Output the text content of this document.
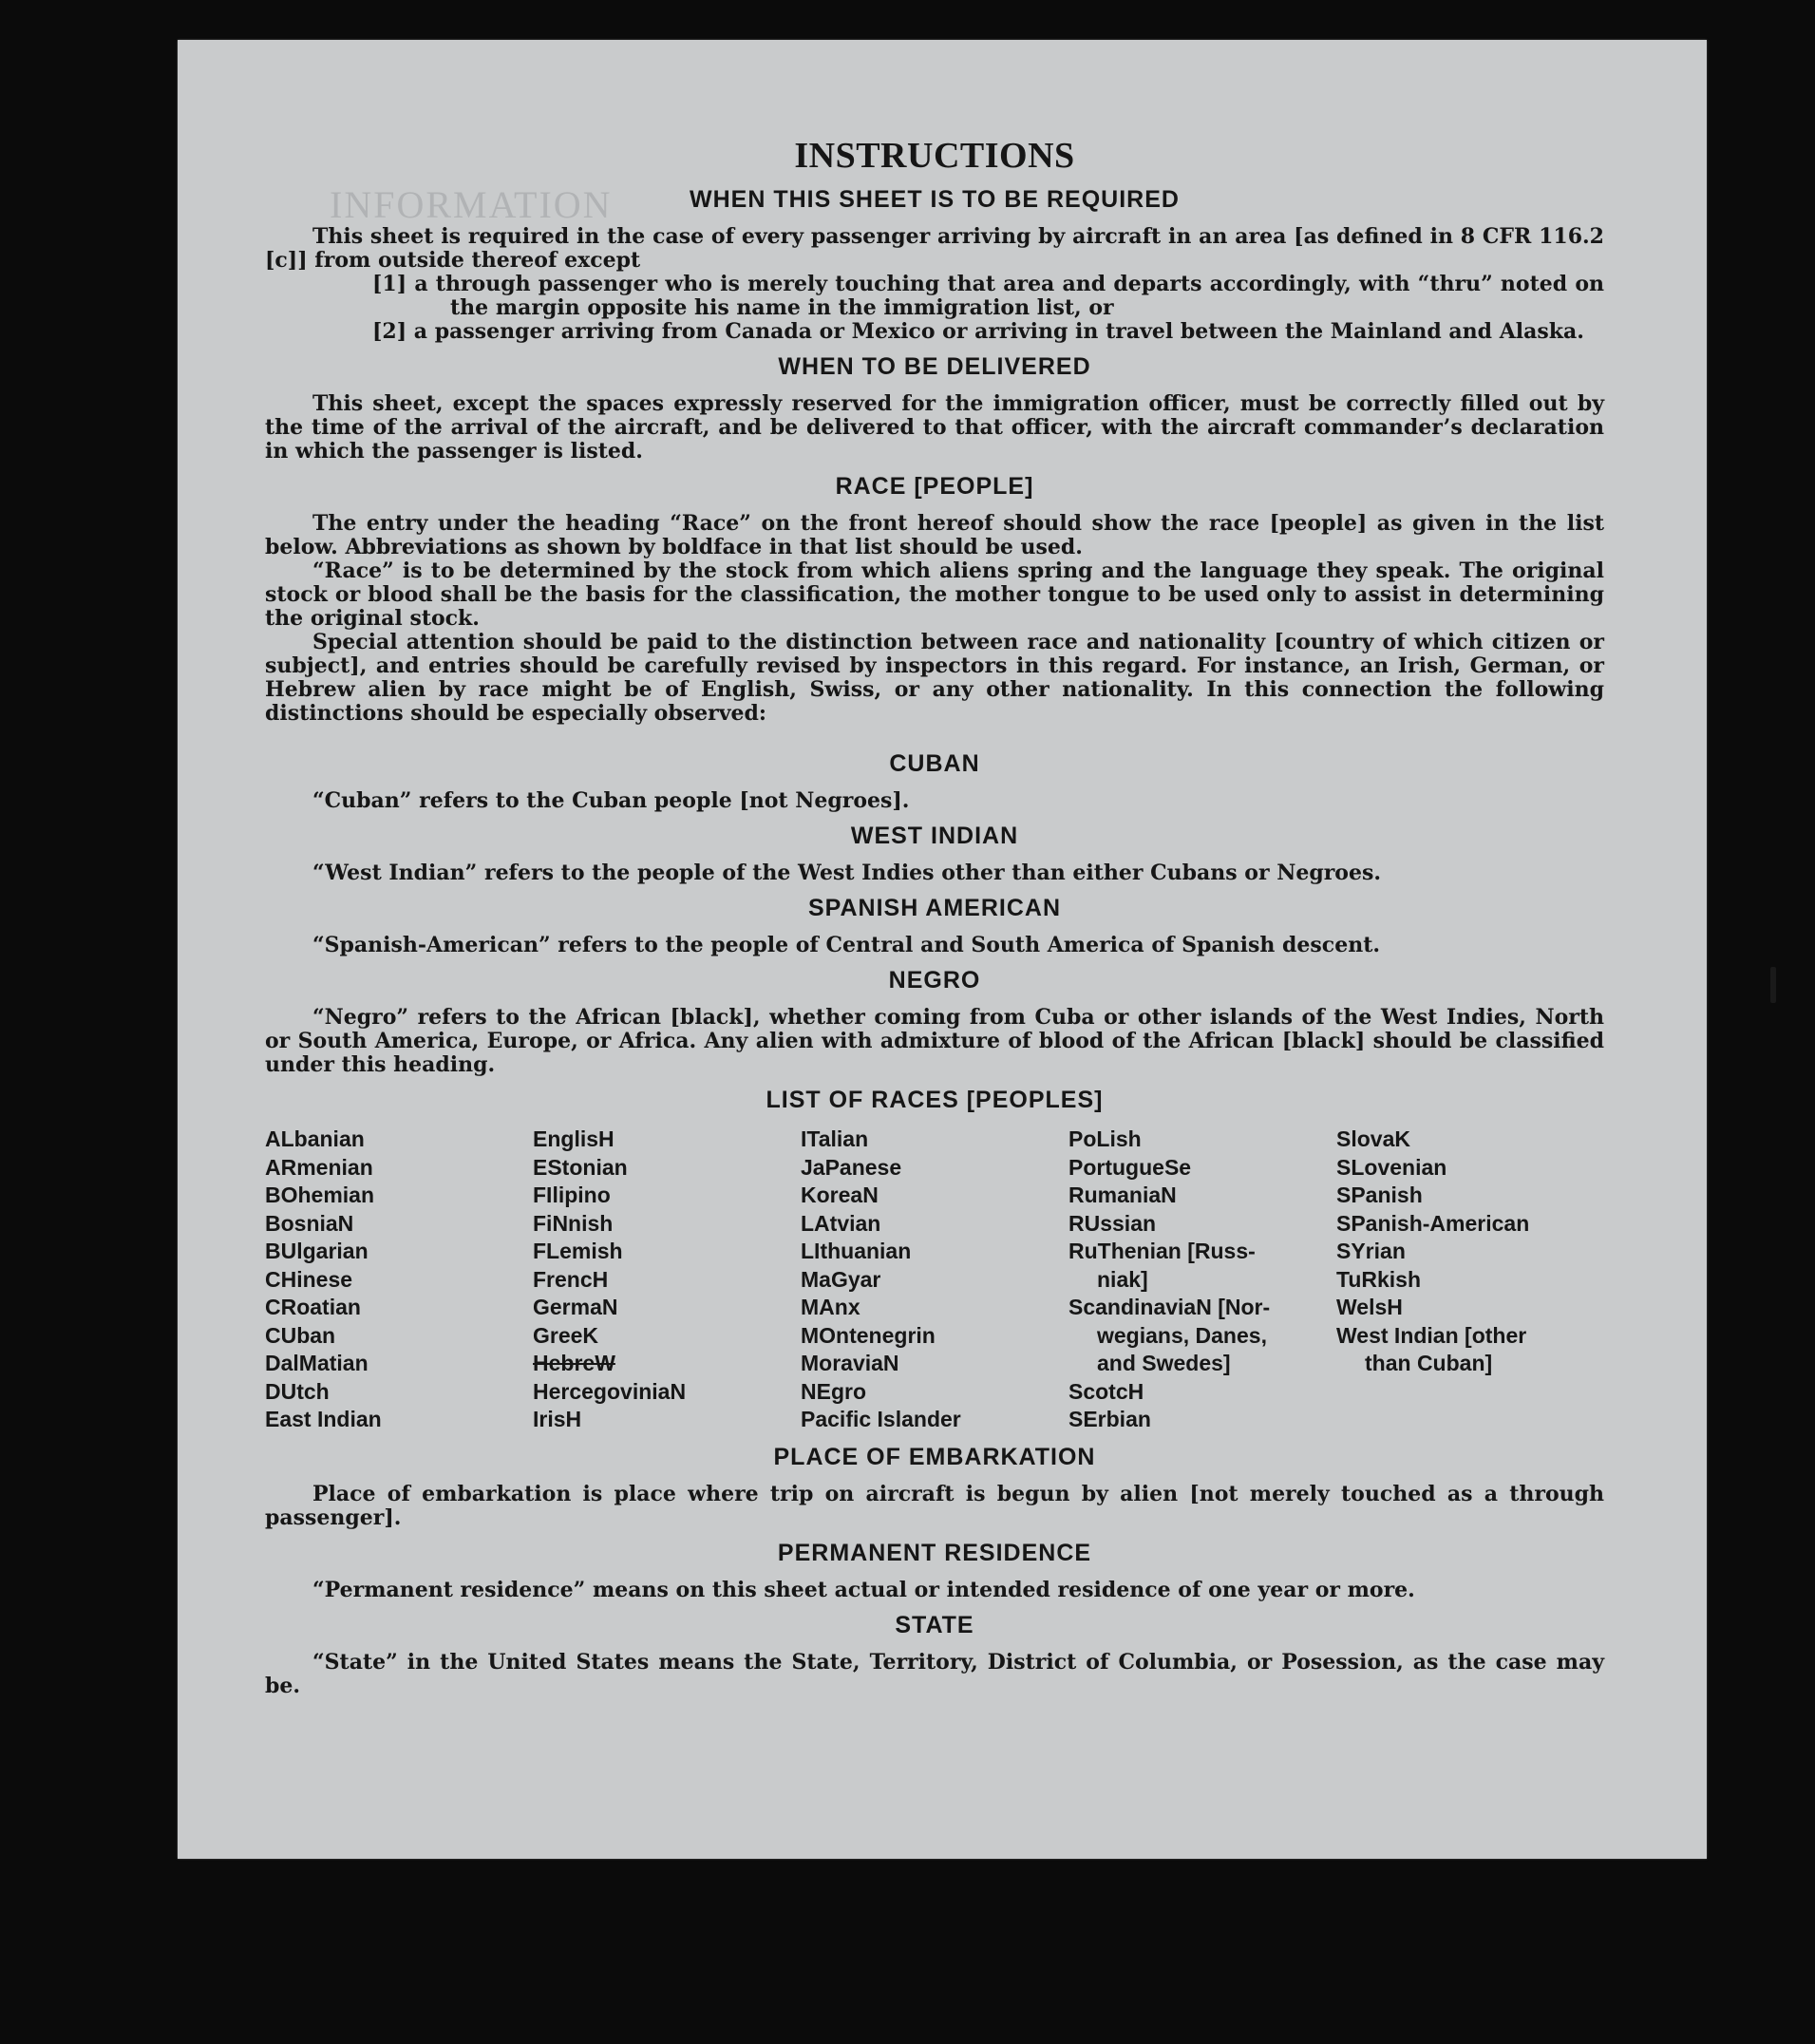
INFORMATION
INSTRUCTIONS
WHEN THIS SHEET IS TO BE REQUIRED

This sheet is required in the case of every passenger arriving by aircraft in an area [as defined in 8 CFR 116.2 [c]] from outside thereof except

[1] a through passenger who is merely touching that area and departs accordingly, with “thru” noted on the margin opposite his name in the immigration list, or

[2] a passenger arriving from Canada or Mexico or arriving in travel between the Mainland and Alaska.

WHEN TO BE DELIVERED

This sheet, except the spaces expressly reserved for the immigration officer, must be correctly filled out by the time of the arrival of the aircraft, and be delivered to that officer, with the aircraft commander’s declaration in which the passenger is listed.

RACE [PEOPLE]

The entry under the heading “Race” on the front hereof should show the race [people] as given in the list below. Abbreviations as shown by boldface in that list should be used.

“Race” is to be determined by the stock from which aliens spring and the language they speak. The original stock or blood shall be the basis for the classification, the mother tongue to be used only to assist in determining the original stock.

Special attention should be paid to the distinction between race and nationality [country of which citizen or subject], and entries should be carefully revised by inspectors in this regard. For instance, an Irish, German, or Hebrew alien by race might be of English, Swiss, or any other nationality. In this connection the following distinctions should be especially observed:

CUBAN

“Cuban” refers to the Cuban people [not Negroes].

WEST INDIAN

“West Indian” refers to the people of the West Indies other than either Cubans or Negroes.

SPANISH AMERICAN

“Spanish-American” refers to the people of Central and South America of Spanish descent.

NEGRO

“Negro” refers to the African [black], whether coming from Cuba or other islands of the West Indies, North or South America, Europe, or Africa. Any alien with admixture of blood of the African [black] should be classified under this heading.

LIST OF RACES [PEOPLES]
ALbanian
ARmenian
BOhemian
BosniaN
BUlgarian
CHinese
CRoatian
CUban
DalMatian
DUtch
East Indian
EnglisH
EStonian
FIlipino
FiNnish
FLemish
FrencH
GermaN
GreeK
HebreW
HercegoviniaN
IrisH
ITalian
JaPanese
KoreaN
LAtvian
LIthuanian
MaGyar
MAnx
MOntenegrin
MoraviaN
NEgro
Pacific Islander
PoLish
PortugueSe
RumaniaN
RUssian
RuThenian [Russ-
niak]
ScandinaviaN [Nor-
wegians, Danes,
and Swedes]
ScotcH
SErbian
SlovaK
SLovenian
SPanish
SPanish-American
SYrian
TuRkish
WelsH
West Indian [other
than Cuban]
PLACE OF EMBARKATION

Place of embarkation is place where trip on aircraft is begun by alien [not merely touched as a through passenger].

PERMANENT RESIDENCE

“Permanent residence” means on this sheet actual or intended residence of one year or more.

STATE

“State” in the United States means the State, Territory, District of Columbia, or Posession, as the case may be.
